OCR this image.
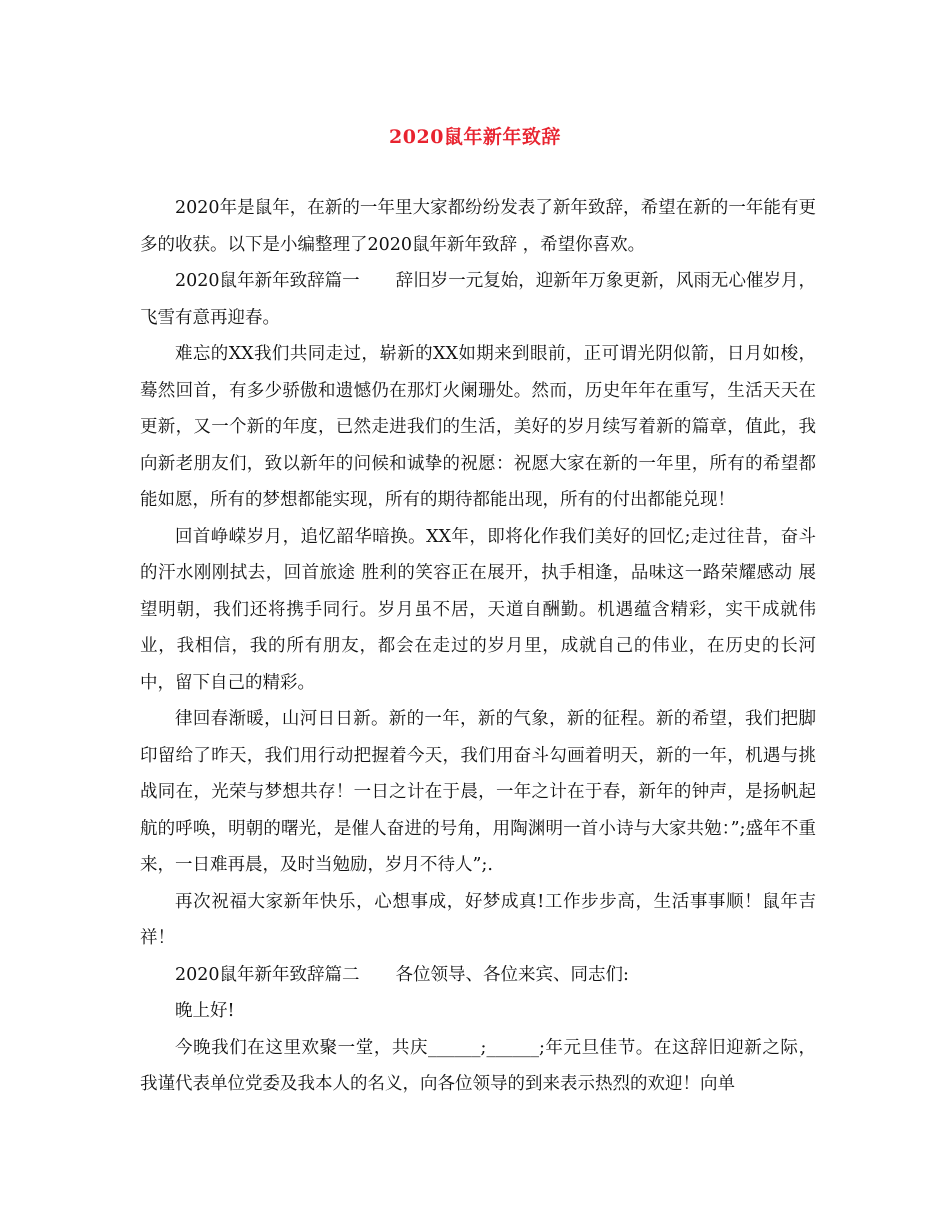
2020鼠年新年致辞

2020年是鼠年，在新的一年里大家都纷纷发表了新年致辞，希望在新的一年能有更多的收获。以下是小编整理了2020鼠年新年致辞 ，希望你喜欢。

2020鼠年新年致辞篇一 辞旧岁一元复始，迎新年万象更新，风雨无心催岁月，飞雪有意再迎春。

难忘的XX我们共同走过，崭新的XX如期来到眼前，正可谓光阴似箭，日月如梭，蓦然回首，有多少骄傲和遗憾仍在那灯火阑珊处。然而，历史年年在重写，生活天天在更新，又一个新的年度，已然走进我们的生活，美好的岁月续写着新的篇章，值此，我向新老朋友们，致以新年的问候和诚挚的祝愿：祝愿大家在新的一年里，所有的希望都能如愿，所有的梦想都能实现，所有的期待都能出现，所有的付出都能兑现！

回首峥嵘岁月，追忆韶华暗换。XX年，即将化作我们美好的回忆;走过往昔，奋斗的汗水刚刚拭去，回首旅途 胜利的笑容正在展开，执手相逢，品味这一路荣耀感动 展望明朝，我们还将携手同行。岁月虽不居，天道自酬勤。机遇蕴含精彩，实干成就伟业，我相信，我的所有朋友，都会在走过的岁月里，成就自己的伟业，在历史的长河中，留下自己的精彩。

律回春渐暖，山河日日新。新的一年，新的气象，新的征程。新的希望，我们把脚印留给了昨天，我们用行动把握着今天，我们用奋斗勾画着明天，新的一年，机遇与挑战同在，光荣与梦想共存！一日之计在于晨，一年之计在于春，新年的钟声，是扬帆起航的呼唤，明朝的曙光，是催人奋进的号角，用陶渊明一首小诗与大家共勉：”;盛年不重来，一日难再晨，及时当勉励，岁月不待人”;.

再次祝福大家新年快乐，心想事成，好梦成真!工作步步高，生活事事顺！鼠年吉祥！

2020鼠年新年致辞篇二 各位领导、各位来宾、同志们:

晚上好!

今晚我们在这里欢聚一堂，共庆______;______;年元旦佳节。在这辞旧迎新之际，我谨代表单位党委及我本人的名义，向各位领导的到来表示热烈的欢迎！向单
